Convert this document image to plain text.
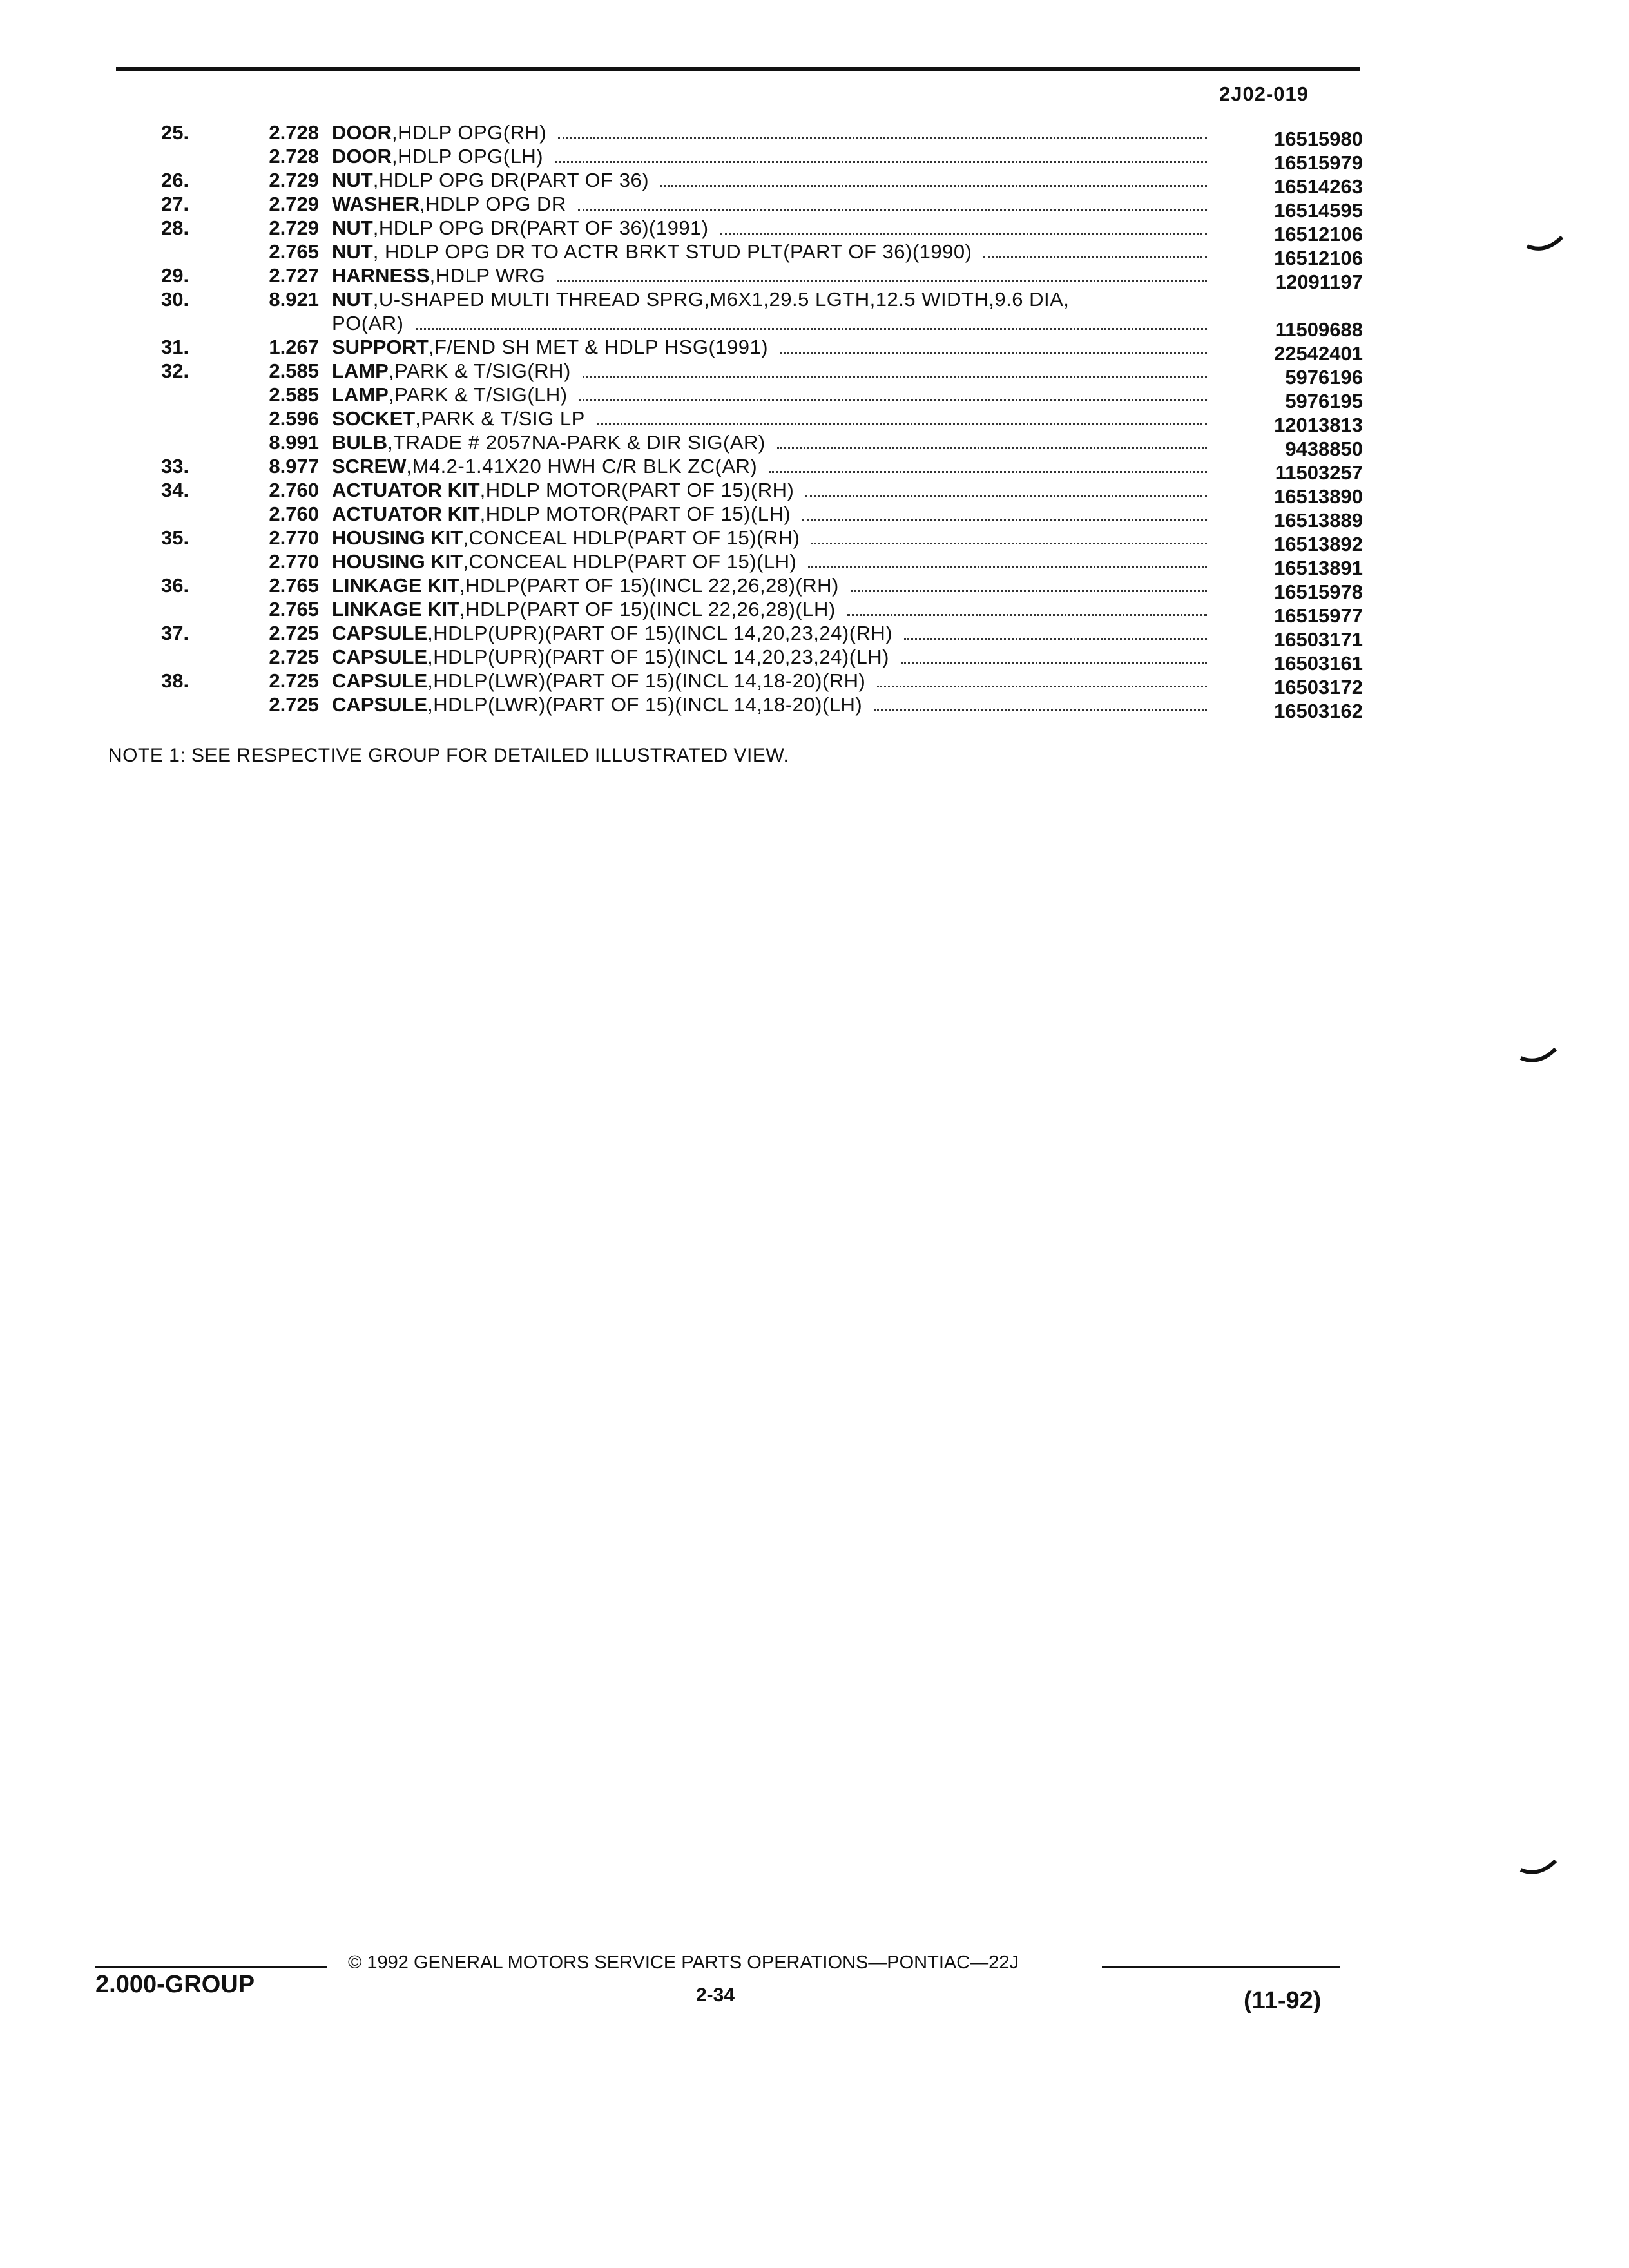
2J02-019
25.	2.728 DOOR ,HDLP OPG(RH)	16515980
2.728 DOOR ,HDLP OPG(LH)	16515979
26.	2.729 NUT ,HDLP OPG DR(PART OF 36)	16514263
27.	2.729 WASHER ,HDLP OPG DR	16514595
28.	2.729 NUT ,HDLP OPG DR(PART OF 36)(1991)	16512106
2.765 NUT , HDLP OPG DR TO ACTR BRKT STUD PLT(PART OF 36)(1990)	16512106
29.	2.727 HARNESS ,HDLP WRG	12091197
30.	8.921 NUT ,U-SHAPED MULTI THREAD SPRG,M6X1,29.5 LGTH,12.5 WIDTH,9.6 DIA,
PO(AR)	11509688
31.	1.267 SUPPORT ,F/END SH MET & HDLP HSG(1991)	22542401
32.	2.585 LAMP ,PARK & T/SIG(RH)	5976196
2.585 LAMP ,PARK & T/SIG(LH)	5976195
2.596 SOCKET ,PARK & T/SIG LP	12013813
8.991 BULB ,TRADE # 2057NA-PARK & DIR SIG(AR)	9438850
33.	8.977 SCREW ,M4.2-1.41X20 HWH C/R BLK ZC(AR)	11503257
34.	2.760 ACTUATOR KIT ,HDLP MOTOR(PART OF 15)(RH)	16513890
2.760 ACTUATOR KIT ,HDLP MOTOR(PART OF 15)(LH)	16513889
35.	2.770 HOUSING KIT ,CONCEAL HDLP(PART OF 15)(RH)	16513892
2.770 HOUSING KIT ,CONCEAL HDLP(PART OF 15)(LH)	16513891
36.	2.765 LINKAGE KIT ,HDLP(PART OF 15)(INCL 22,26,28)(RH)	16515978
2.765 LINKAGE KIT ,HDLP(PART OF 15)(INCL 22,26,28)(LH)	16515977
37.	2.725 CAPSULE ,HDLP(UPR)(PART OF 15)(INCL 14,20,23,24)(RH)	16503171
2.725 CAPSULE ,HDLP(UPR)(PART OF 15)(INCL 14,20,23,24)(LH)	16503161
38.	2.725 CAPSULE ,HDLP(LWR)(PART OF 15)(INCL 14,18-20)(RH)	16503172
2.725 CAPSULE ,HDLP(LWR)(PART OF 15)(INCL 14,18-20)(LH)	16503162
NOTE 1: SEE RESPECTIVE GROUP FOR DETAILED ILLUSTRATED VIEW.
2.000-GROUP
© 1992 GENERAL MOTORS SERVICE PARTS OPERATIONS—PONTIAC—22J
2-34	(11-92)
